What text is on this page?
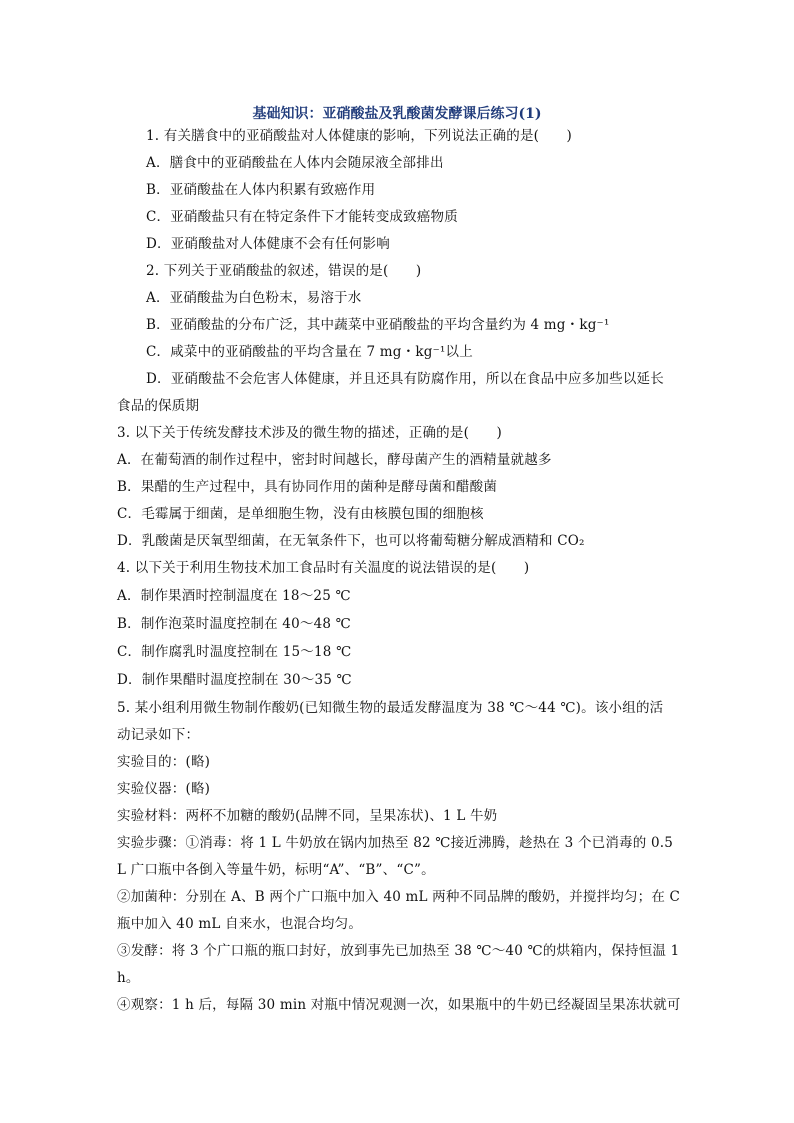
基础知识：亚硝酸盐及乳酸菌发酵课后练习(1)
1. 有关膳食中的亚硝酸盐对人体健康的影响，下列说法正确的是(　　)
A．膳食中的亚硝酸盐在人体内会随尿液全部排出
B．亚硝酸盐在人体内积累有致癌作用
C．亚硝酸盐只有在特定条件下才能转变成致癌物质
D．亚硝酸盐对人体健康不会有任何影响
2. 下列关于亚硝酸盐的叙述，错误的是(　　)
A．亚硝酸盐为白色粉末，易溶于水
B．亚硝酸盐的分布广泛，其中蔬菜中亚硝酸盐的平均含量约为 4 mg・kg⁻¹
C．咸菜中的亚硝酸盐的平均含量在 7 mg・kg⁻¹以上
D．亚硝酸盐不会危害人体健康，并且还具有防腐作用，所以在食品中应多加些以延长
食品的保质期
3. 以下关于传统发酵技术涉及的微生物的描述，正确的是(　　)
A．在葡萄酒的制作过程中，密封时间越长，酵母菌产生的酒精量就越多
B．果醋的生产过程中，具有协同作用的菌种是酵母菌和醋酸菌
C．毛霉属于细菌，是单细胞生物，没有由核膜包围的细胞核
D．乳酸菌是厌氧型细菌，在无氧条件下，也可以将葡萄糖分解成酒精和 CO₂
4. 以下关于利用生物技术加工食品时有关温度的说法错误的是(　　)
A．制作果酒时控制温度在 18～25 ℃
B．制作泡菜时温度控制在 40～48 ℃
C．制作腐乳时温度控制在 15～18 ℃
D．制作果醋时温度控制在 30～35 ℃
5. 某小组利用微生物制作酸奶(已知微生物的最适发酵温度为 38 ℃～44 ℃)。该小组的活
动记录如下：
实验目的：(略)
实验仪器：(略)
实验材料：两杯不加糖的酸奶(品牌不同，呈果冻状)、1 L 牛奶
实验步骤：①消毒：将 1 L 牛奶放在锅内加热至 82 ℃接近沸腾，趁热在 3 个已消毒的 0.5
L 广口瓶中各倒入等量牛奶，标明“A”、“B”、“C”。
②加菌种：分别在 A、B 两个广口瓶中加入 40 mL 两种不同品牌的酸奶，并搅拌均匀；在 C
瓶中加入 40 mL 自来水，也混合均匀。
③发酵：将 3 个广口瓶的瓶口封好，放到事先已加热至 38 ℃～40 ℃的烘箱内，保持恒温 1
h。
④观察：1 h 后，每隔 30 min 对瓶中情况观测一次，如果瓶中的牛奶已经凝固呈果冻状就可
